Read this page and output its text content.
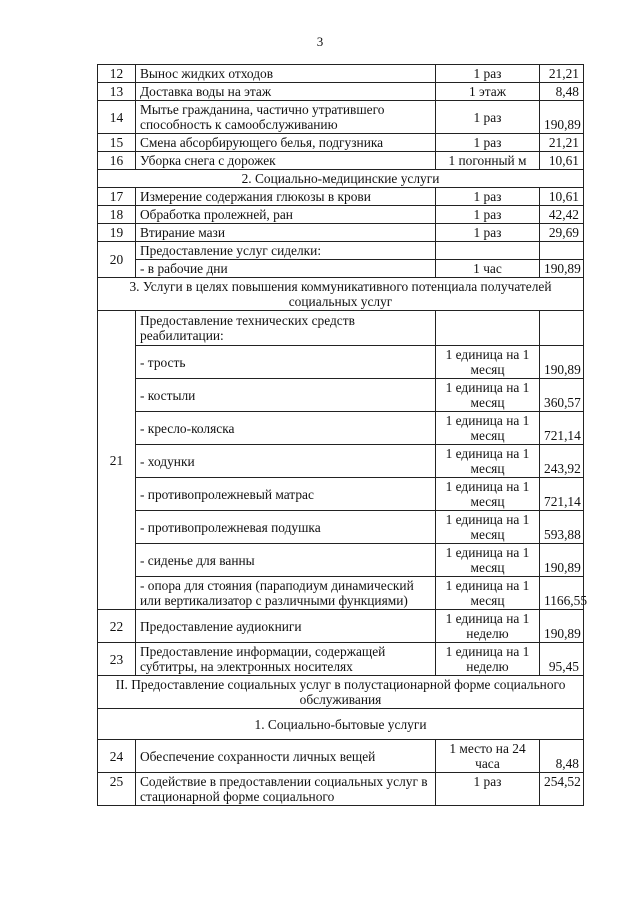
3
12	Вынос жидких отходов	1 раз	21,21
13	Доставка воды на этаж	1 этаж	8,48
14	Мытье гражданина, частично утратившего способность к самообслуживанию	1 раз	190,89
15	Смена абсорбирующего белья, подгузника	1 раз	21,21
16	Уборка снега с дорожек	1 погонный м	10,61
2. Социально-медицинские услуги			
17	Измерение содержания глюкозы в крови	1 раз	10,61
18	Обработка пролежней, ран	1 раз	42,42
19	Втирание мази	1 раз	29,69
20	Предоставление услуг сиделки:		
	- в рабочие дни	1 час	190,89
3. Услуги в целях повышения коммуникативного потенциала получателей социальных услуг			
21	Предоставление технических средств реабилитации:		
	- трость	1 единица на 1 месяц	190,89
	- костыли	1 единица на 1 месяц	360,57
	- кресло-коляска	1 единица на 1 месяц	721,14
	- ходунки	1 единица на 1 месяц	243,92
	- противопролежневый матрас	1 единица на 1 месяц	721,14
	- противопролежневая подушка	1 единица на 1 месяц	593,88
	- сиденье для ванны	1 единица на 1 месяц	190,89
	- опора для стояния (параподиум динамический или вертикализатор с различными функциями)	1 единица на 1 месяц	1166,55
22	Предоставление аудиокниги	1 единица на 1 неделю	190,89
23	Предоставление информации, содержащей субтитры, на электронных носителях	1 единица на 1 неделю	95,45
II. Предоставление социальных услуг в полустационарной форме социального обслуживания			
1. Социально-бытовые услуги			
24	Обеспечение сохранности личных вещей	1 место на 24 часа	8,48
25	Содействие в предоставлении социальных услуг в стационарной форме социального	1 раз	254,52
